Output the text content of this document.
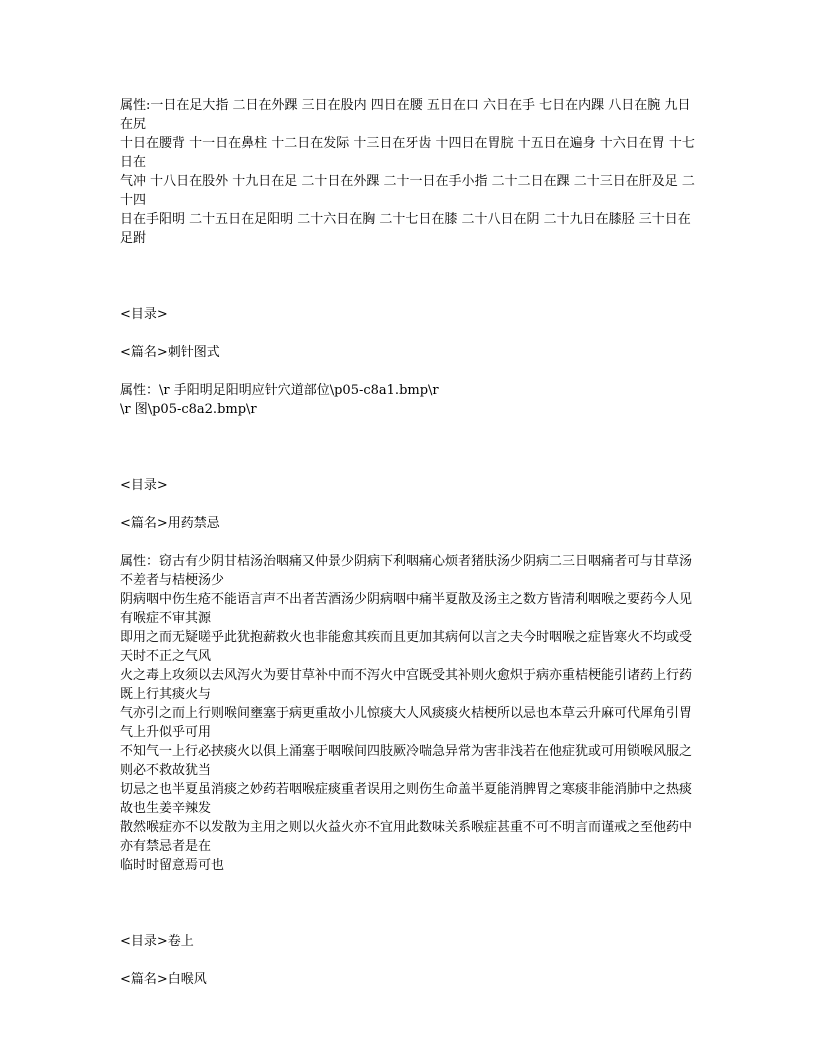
属性:一日在足大指 二日在外踝 三日在股内 四日在腰 五日在口 六日在手 七日在内踝 八日在腕 九日在尻
十日在腰背 十一日在鼻柱 十二日在发际 十三日在牙齿 十四日在胃脘 十五日在遍身 十六日在胃 十七日在
气冲 十八日在股外 十九日在足 二十日在外踝 二十一日在手小指 二十二日在踝 二十三日在肝及足 二十四
日在手阳明 二十五日在足阳明 二十六日在胸 二十七日在膝 二十八日在阴 二十九日在膝胫 三十日在足跗
<目录>
<篇名>刺针图式
属性：\r 手阳明足阳明应针穴道部位\p05-c8a1.bmp\r
\r 图\p05-c8a2.bmp\r
<目录>
<篇名>用药禁忌
属性：窃古有少阴甘桔汤治咽痛又仲景少阴病下利咽痛心烦者猪肤汤少阴病二三日咽痛者可与甘草汤不差者与桔梗汤少
阴病咽中伤生疮不能语言声不出者苦酒汤少阴病咽中痛半夏散及汤主之数方皆清利咽喉之要药今人见有喉症不审其源
即用之而无疑嗟乎此犹抱薪救火也非能愈其疾而且更加其病何以言之夫今时咽喉之症皆寒火不均或受天时不正之气风
火之毒上攻须以去风泻火为要甘草补中而不泻火中宫既受其补则火愈炽于病亦重桔梗能引诸药上行药既上行其痰火与
气亦引之而上行则喉间壅塞于病更重故小儿惊痰大人风痰痰火桔梗所以忌也本草云升麻可代犀角引胃气上升似乎可用
不知气一上行必挟痰火以俱上涌塞于咽喉间四肢厥冷喘急异常为害非浅若在他症犹或可用锁喉风服之则必不救故犹当
切忌之也半夏虽消痰之妙药若咽喉症痰重者误用之则伤生命盖半夏能消脾胃之寒痰非能消肺中之热痰故也生姜辛辣发
散然喉症亦不以发散为主用之则以火益火亦不宜用此数味关系喉症甚重不可不明言而谨戒之至他药中亦有禁忌者是在
临时时留意焉可也
<目录>卷上
<篇名>白喉风
